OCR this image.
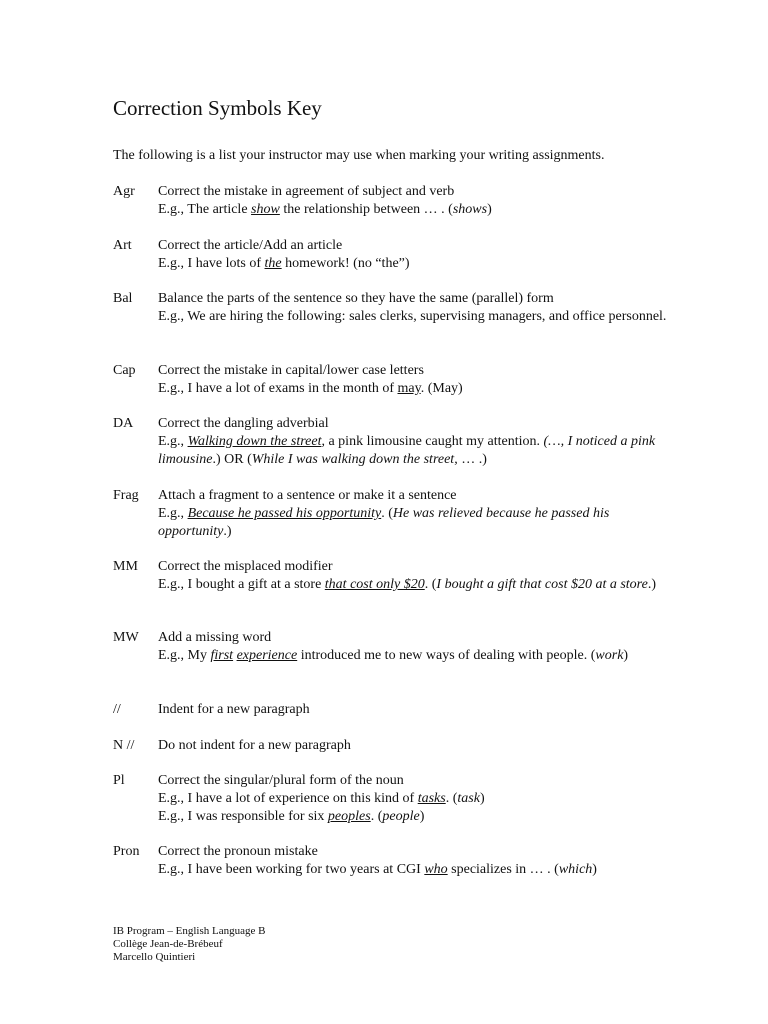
Correction Symbols Key

The following is a list your instructor may use when marking your writing assignments.

Agr	Correct the mistake in agreement of subject and verb
E.g., The article show the relationship between … . (shows)
Art	Correct the article/Add an article
E.g., I have lots of the homework! (no “the”)
Bal	Balance the parts of the sentence so they have the same (parallel) form
E.g., We are hiring the following: sales clerks, supervising managers, and office personnel.
Cap	Correct the mistake in capital/lower case letters
E.g., I have a lot of exams in the month of may. (May)
DA	Correct the dangling adverbial
E.g., Walking down the street, a pink limousine caught my attention. (…, I noticed a pink limousine.) OR (While I was walking down the street, … .)
Frag	Attach a fragment to a sentence or make it a sentence
E.g., Because he passed his opportunity. (He was relieved because he passed his opportunity.)
MM	Correct the misplaced modifier
E.g., I bought a gift at a store that cost only $20. (I bought a gift that cost $20 at a store.)
MW	Add a missing word
E.g., My first experience introduced me to new ways of dealing with people. (work)
//	Indent for a new paragraph
N //	Do not indent for a new paragraph
Pl	Correct the singular/plural form of the noun
E.g., I have a lot of experience on this kind of tasks. (task)
E.g., I was responsible for six peoples. (people)
Pron	Correct the pronoun mistake
E.g., I have been working for two years at CGI who specializes in … . (which)
IB Program – English Language B
Collège Jean-de-Brébeuf
Marcello Quintieri
